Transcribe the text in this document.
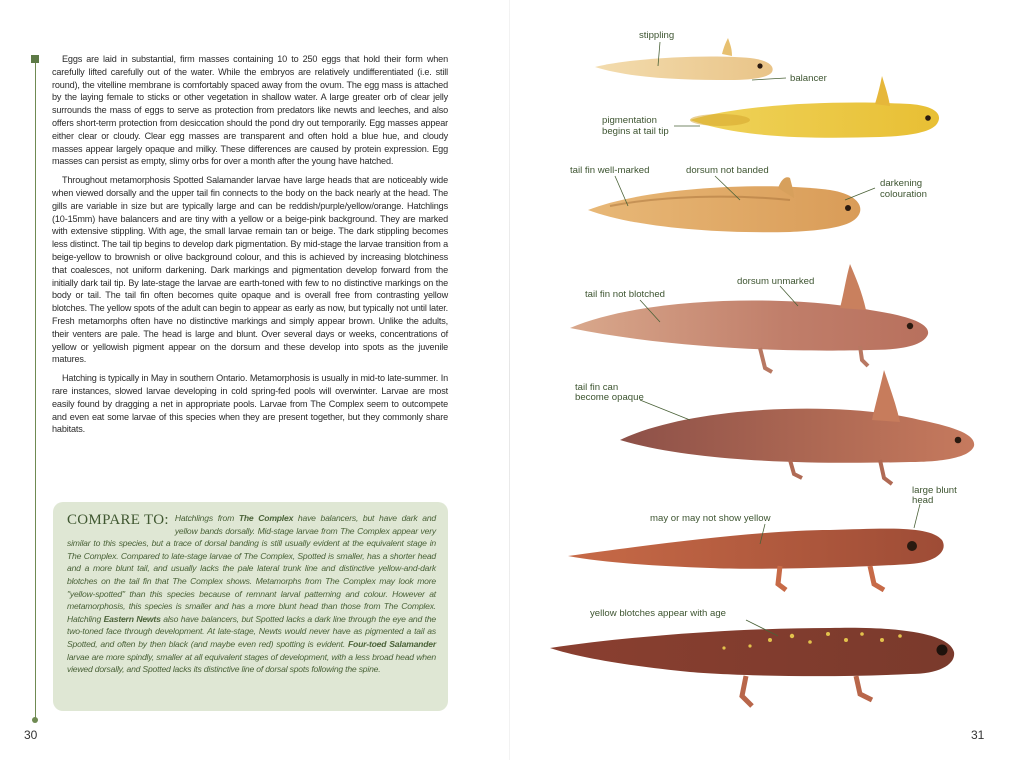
Eggs are laid in substantial, firm masses containing 10 to 250 eggs that hold their form when carefully lifted carefully out of the water. While the embryos are relatively undifferentiated (i.e. still round), the vitelline membrane is comfortably spaced away from the ovum. The egg mass is attached by the laying female to sticks or other vegetation in shallow water. A large greater orb of clear jelly surrounds the mass of eggs to serve as protection from predators like newts and leeches, and also offers short-term protection from desiccation should the pond dry out temporarily. Egg masses appear either clear or cloudy. Clear egg masses are transparent and often hold a blue hue, and cloudy masses appear largely opaque and milky. These differences are caused by protein expression. Egg masses can persist as empty, slimy orbs for over a month after the young have hatched.

Throughout metamorphosis Spotted Salamander larvae have large heads that are noticeably wide when viewed dorsally and the upper tail fin connects to the body on the back nearly at the head. The gills are variable in size but are typically large and can be reddish/purple/yellow/orange. Hatchlings (10-15mm) have balancers and are tiny with a yellow or a beige-pink background. They are marked with extensive stippling. With age, the small larvae remain tan or beige. The dark stippling becomes less distinct. The tail tip begins to develop dark pigmentation. By mid-stage the larvae transition from a beige-yellow to brownish or olive background colour, and this is achieved by increasing blotchiness that coalesces, not uniform darkening. Dark markings and pigmentation develop forward from the initially dark tail tip. By late-stage the larvae are earth-toned with few to no distinctive markings on the body or tail. The tail fin often becomes quite opaque and is overall free from contrasting yellow blotches. The yellow spots of the adult can begin to appear as early as now, but typically not until later. Fresh metamorphs often have no distinctive markings and simply appear brown. Unlike the adults, their venters are pale. The head is large and blunt. Over several days or weeks, concentrations of yellow or yellowish pigment appear on the dorsum and these develop into spots as the juvenile matures.

Hatching is typically in May in southern Ontario. Metamorphosis is usually in mid-to late-summer. In rare instances, slowed larvae developing in cold spring-fed pools will overwinter. Larvae are most easily found by dragging a net in appropriate pools. Larvae from The Complex seem to outcompete and even eat some larvae of this species when they are present together, but they commonly share habitats.

COMPARE TO: Hatchlings from The Complex have balancers, but have dark and yellow bands dorsally. Mid-stage larvae from The Complex appear very similar to this species, but a trace of dorsal banding is still usually evident at the equivalent stage in The Complex. Compared to late-stage larvae of The Complex, Spotted is smaller, has a shorter head and a more blunt tail, and usually lacks the pale lateral trunk line and distinctive yellow-and-dark blotches on the tail fin that The Complex shows. Metamorphs from The Complex may look more "yellow-spotted" than this species because of remnant larval patterning and colour. However at metamorphosis, this species is smaller and has a more blunt head than those from The Complex. Hatchling Eastern Newts also have balancers, but Spotted lacks a dark line through the eye and the two-toned face through development. At late-stage, Newts would never have as pigmented a tail as Spotted, and often by then black (and maybe even red) spotting is evident. Four-toed Salamander larvae are more spindly, smaller at all equivalent stages of development, with a less broad head when viewed dorsally, and Spotted lacks its distinctive line of dorsal spots following the spine.
30
stippling
balancer
pigmentation
begins at tail tip
tail fin well-marked	dorsum not banded
darkening
colouration
tail fin not blotched
dorsum unmarked
tail fin can
become opaque
large blunt
head
may or may not show yellow
yellow blotches appear with age
31
